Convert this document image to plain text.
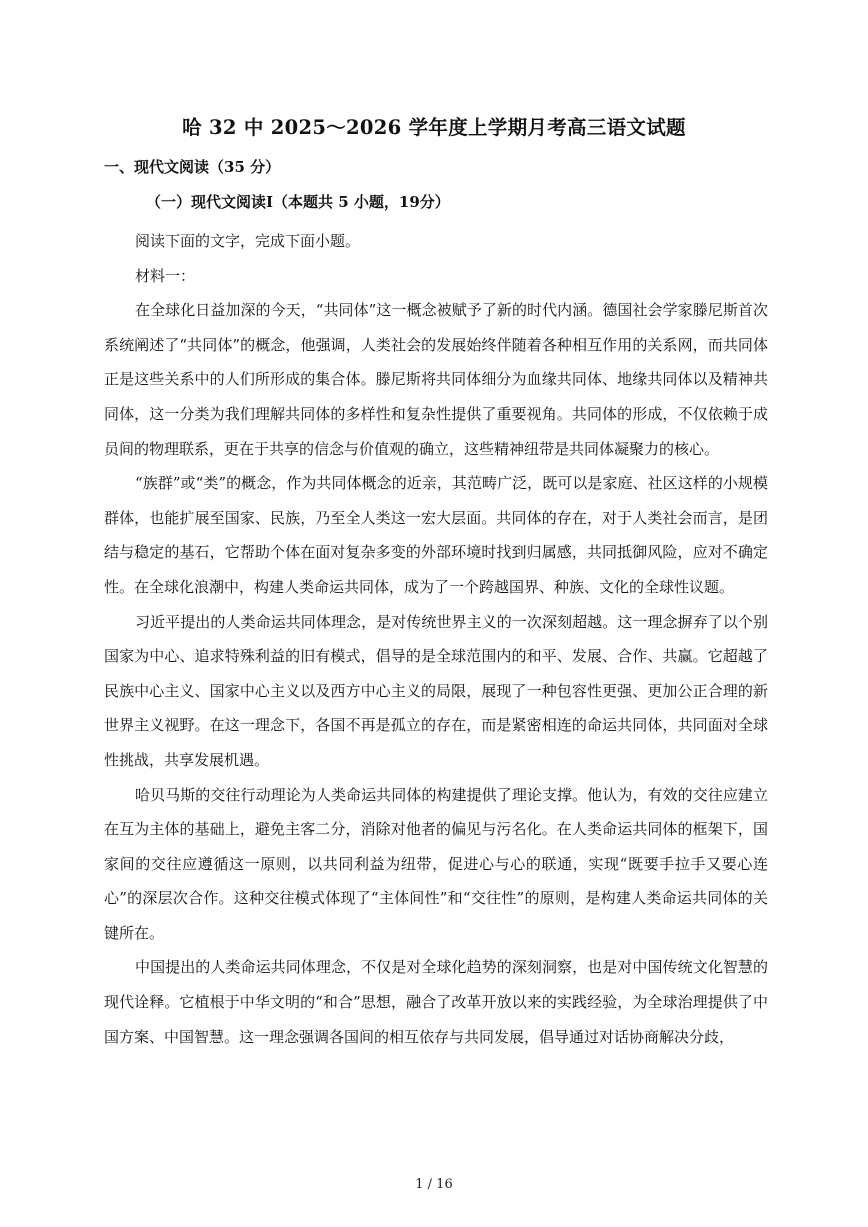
哈 32 中 2025～2026 学年度上学期月考高三语文试题
一、现代文阅读（35 分）
（一）现代文阅读I（本题共 5 小题，19分）

阅读下面的文字，完成下面小题。

材料一：

在全球化日益加深的今天，“共同体”这一概念被赋予了新的时代内涵。德国社会学家滕尼斯首次系统阐述了“共同体”的概念，他强调，人类社会的发展始终伴随着各种相互作用的关系网，而共同体正是这些关系中的人们所形成的集合体。滕尼斯将共同体细分为血缘共同体、地缘共同体以及精神共同体，这一分类为我们理解共同体的多样性和复杂性提供了重要视角。共同体的形成，不仅依赖于成员间的物理联系，更在于共享的信念与价值观的确立，这些精神纽带是共同体凝聚力的核心。

“族群”或“类”的概念，作为共同体概念的近亲，其范畴广泛，既可以是家庭、社区这样的小规模群体，也能扩展至国家、民族，乃至全人类这一宏大层面。共同体的存在，对于人类社会而言，是团结与稳定的基石，它帮助个体在面对复杂多变的外部环境时找到归属感，共同抵御风险，应对不确定性。在全球化浪潮中，构建人类命运共同体，成为了一个跨越国界、种族、文化的全球性议题。

习近平提出的人类命运共同体理念，是对传统世界主义的一次深刻超越。这一理念摒弃了以个别国家为中心、追求特殊利益的旧有模式，倡导的是全球范围内的和平、发展、合作、共赢。它超越了民族中心主义、国家中心主义以及西方中心主义的局限，展现了一种包容性更强、更加公正合理的新世界主义视野。在这一理念下，各国不再是孤立的存在，而是紧密相连的命运共同体，共同面对全球性挑战，共享发展机遇。

哈贝马斯的交往行动理论为人类命运共同体的构建提供了理论支撑。他认为，有效的交往应建立在互为主体的基础上，避免主客二分，消除对他者的偏见与污名化。在人类命运共同体的框架下，国家间的交往应遵循这一原则，以共同利益为纽带，促进心与心的联通，实现“既要手拉手又要心连心”的深层次合作。这种交往模式体现了“主体间性”和“交往性”的原则，是构建人类命运共同体的关键所在。

中国提出的人类命运共同体理念，不仅是对全球化趋势的深刻洞察，也是对中国传统文化智慧的现代诠释。它植根于中华文明的“和合”思想，融合了改革开放以来的实践经验，为全球治理提供了中国方案、中国智慧。这一理念强调各国间的相互依存与共同发展，倡导通过对话协商解决分歧，

1 / 16
